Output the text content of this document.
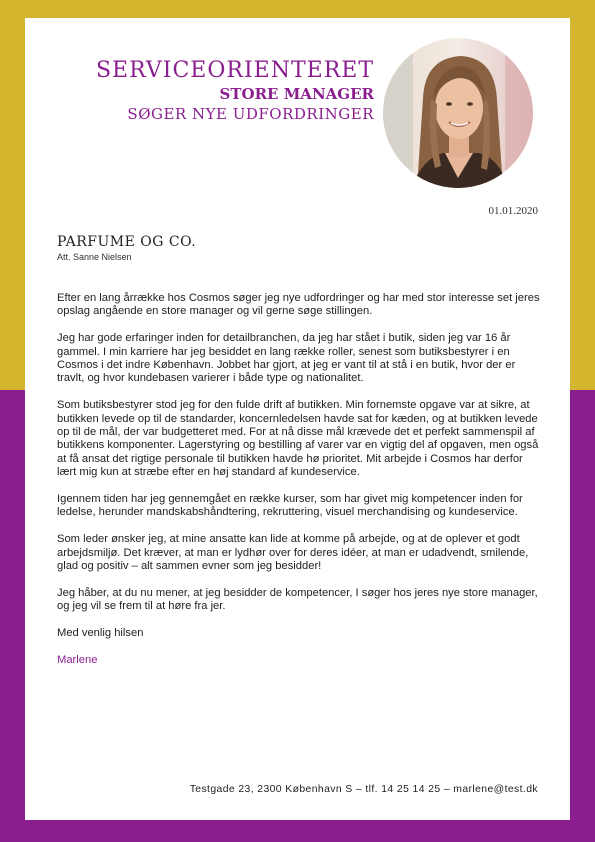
SERVICEORIENTERET
STORE MANAGER
SØGER NYE UDFORDRINGER
01.01.2020
PARFUME OG CO.
Att. Sanne Nielsen

Efter en lang årrække hos Cosmos søger jeg nye udfordringer og har med stor interesse set jeres opslag angående en store manager og vil gerne søge stillingen.

Jeg har gode erfaringer inden for detailbranchen, da jeg har stået i butik, siden jeg var 16 år gammel. I min karriere har jeg besiddet en lang række roller, senest som butiksbestyrer i en Cosmos i det indre København. Jobbet har gjort, at jeg er vant til at stå i en butik, hvor der er travlt, og hvor kundebasen varierer i både type og nationalitet.

Som butiksbestyrer stod jeg for den fulde drift af butikken. Min fornemste opgave var at sikre, at butikken levede op til de standarder, koncernledelsen havde sat for kæden, og at butikken levede op til de mål, der var budgetteret med. For at nå disse mål krævede det et perfekt sammenspil af butikkens komponenter. Lagerstyring og bestilling af varer var en vigtig del af opgaven, men også at få ansat det rigtige personale til butikken havde hø prioritet. Mit arbejde i Cosmos har derfor lært mig kun at stræbe efter en høj standard af kundeservice.

Igennem tiden har jeg gennemgået en række kurser, som har givet mig kompetencer inden for ledelse, herunder mandskabshåndtering, rekruttering, visuel merchandising og kundeservice.

Som leder ønsker jeg, at mine ansatte kan lide at komme på arbejde, og at de oplever et godt arbejdsmiljø. Det kræver, at man er lydhør over for deres idéer, at man er udadvendt, smilende, glad og positiv – alt sammen evner som jeg besidder!

Jeg håber, at du nu mener, at jeg besidder de kompetencer, I søger hos jeres nye store manager, og jeg vil se frem til at høre fra jer.

Med venlig hilsen

Marlene

Testgade 23, 2300 København S – tlf. 14 25 14 25 – marlene@test.dk
